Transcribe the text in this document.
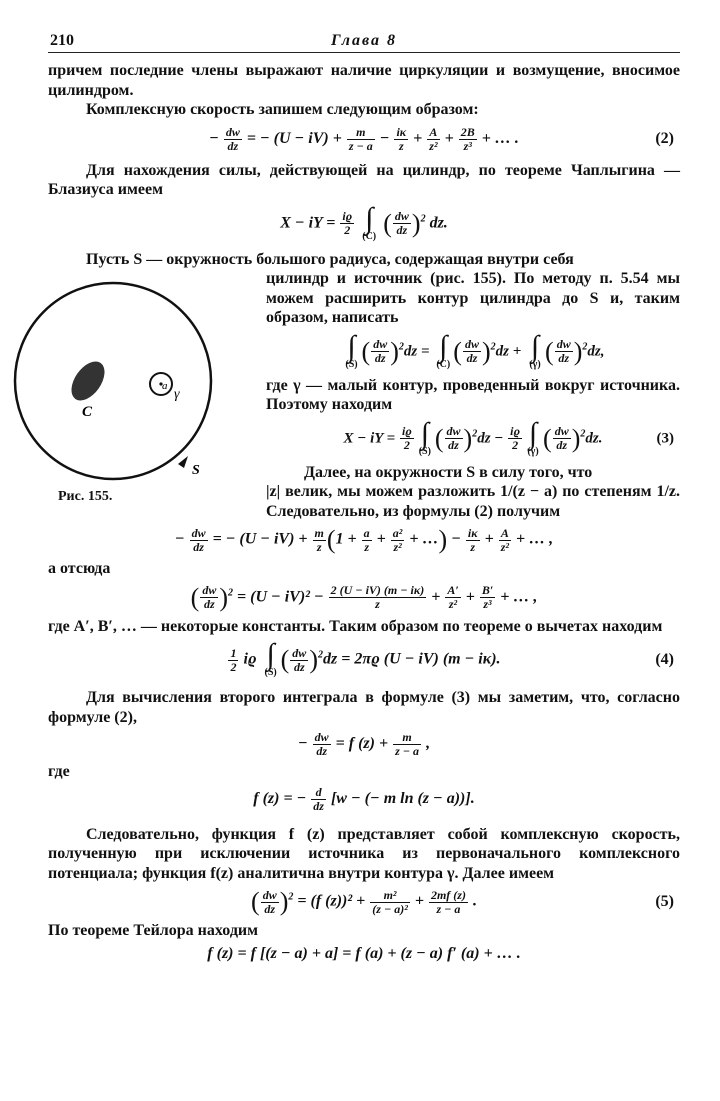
210	Глава 8

причем последние члены выражают наличие циркуляции и возмущение, вносимое цилиндром.

Комплексную скорость запишем следующим образом:

− $\frac{dw}{dz}$ = − $(U - iV) + \frac{m}{z - a} - \frac{i\kappa}{z} + \frac{A}{\text{z²}} + \frac{2B}{\text{z³}}$ + … .	(2)

Для нахождения силы, действующей на цилиндр, по теореме Чаплыгина — Блазиуса имеем

X − iY = $\frac{iϱ}{2}$
∫
(C) ( $\frac{dw}{dz} )^2$ dz.

Пусть S — окружность большого радиуса, содержащая внутри себя

цилиндр и источник (рис. 155). По методу п. 5.54 мы можем расширить контур цилиндра до S и, таким образом, написать

∫
(S) ( $\frac{dw}{dz} )^2dz$ = ∫
(C) ( $\frac{dw}{dz} )^2dz$ + ∫
(γ) ( $\frac{dw}{dz} )^2dz$,

где γ — малый контур, проведенный вокруг источника. Поэтому находим

X − iY = $\frac{iϱ}{2}$ ∫
(S) ( $\frac{dw}{dz} )^2dz - \frac{iϱ}{2}$ ∫
(γ) ( $\frac{dw}{dz} )^2dz$.	(3)

Далее, на окружности S в силу того, что

|z| велик, мы можем разложить 1/(z − a) по степеням 1/z. Следовательно, из формулы (2) получим

− $\frac{dw}{dz}$ = − $(U - iV) + \frac{m}{z} (1 + \frac{a}{z} + \frac{\text{a²}}{\text{z²}}$ + …) − $\frac{i\kappa}{z} + \frac{A}{\text{z²}}$ + … ,

а отсюда

( $\frac{dw}{dz} )^2 = (U - iV)^2 - \frac{2 (U - iV) (m - i\kappa)}{z} + \frac{A'}{\text{z²}} + \frac{B'}{\text{z³}}$ + … ,

где A′, B′, … — некоторые константы. Таким образом по теореме о вычетах находим

$\frac{1}{2}$ iϱ ∫
(S) ( $\frac{dw}{dz} )^2dz = 2\pi ϱ$ (U − iV) (m − iκ).	(4)

Для вычисления второго интеграла в формуле (3) мы заметим, что, согласно формуле (2),

− $\frac{dw}{dz} = f$ $(z) + \frac{m}{z - a}$ ,

где

f (z) = − $\frac{d}{dz} [w$ − (− m ln (z − a))].

Следовательно, функция f (z) представляет собой комплексную скорость, полученную при исключении источника из первоначального комплексного потенциала; функция f(z) аналитична внутри контура γ. Далее имеем

( $\frac{dw}{dz} )^2 = (f$ $(z))^2 + \frac{\text{m²}}{\text{(z − a)²}} + \frac{2mf (z)}{z - a}$ .	(5)

По теореме Тейлора находим

f (z) = f [(z − a) + a] = f (a) + (z − a) f′ (a) + … .
C
a
γ
S
Рис. 155.
